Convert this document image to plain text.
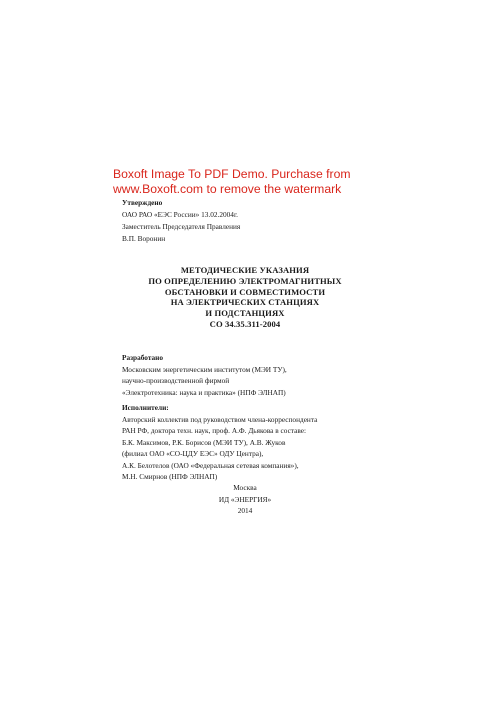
Boxoft Image To PDF Demo. Purchase from
www.Boxoft.com to remove the watermark
Утверждено
ОАО РАО «ЕЭС России» 13.02.2004г.
Заместитель Председателя Правления
В.П. Воронин
МЕТОДИЧЕСКИЕ УКАЗАНИЯ
ПО ОПРЕДЕЛЕНИЮ ЭЛЕКТРОМАГНИТНЫХ
ОБСТАНОВКИ И СОВМЕСТИМОСТИ
НА ЭЛЕКТРИЧЕСКИХ СТАНЦИЯХ
И ПОДСТАНЦИЯХ
СО 34.35.311-2004
Разработано
Московским энергетическим институтом (МЭИ ТУ),
научно-производственной фирмой
«Электротехника: наука и практика» (НПФ ЭЛНАП)
Исполнители:
Авторский коллектив под руководством члена-корреспондента
РАН РФ, доктора техн. наук, проф. А.Ф. Дьякова в составе:
Б.К. Максимов, Р.К. Борисов (МЭИ ТУ), А.В. Жуков
(филиал ОАО «СО-ЦДУ ЕЭС» ОДУ Центра),
А.К. Белотелов (ОАО «Федеральная сетевая компания»),
М.Н. Смирнов (НПФ ЭЛНАП)
Москва
ИД «ЭНЕРГИЯ»
2014
